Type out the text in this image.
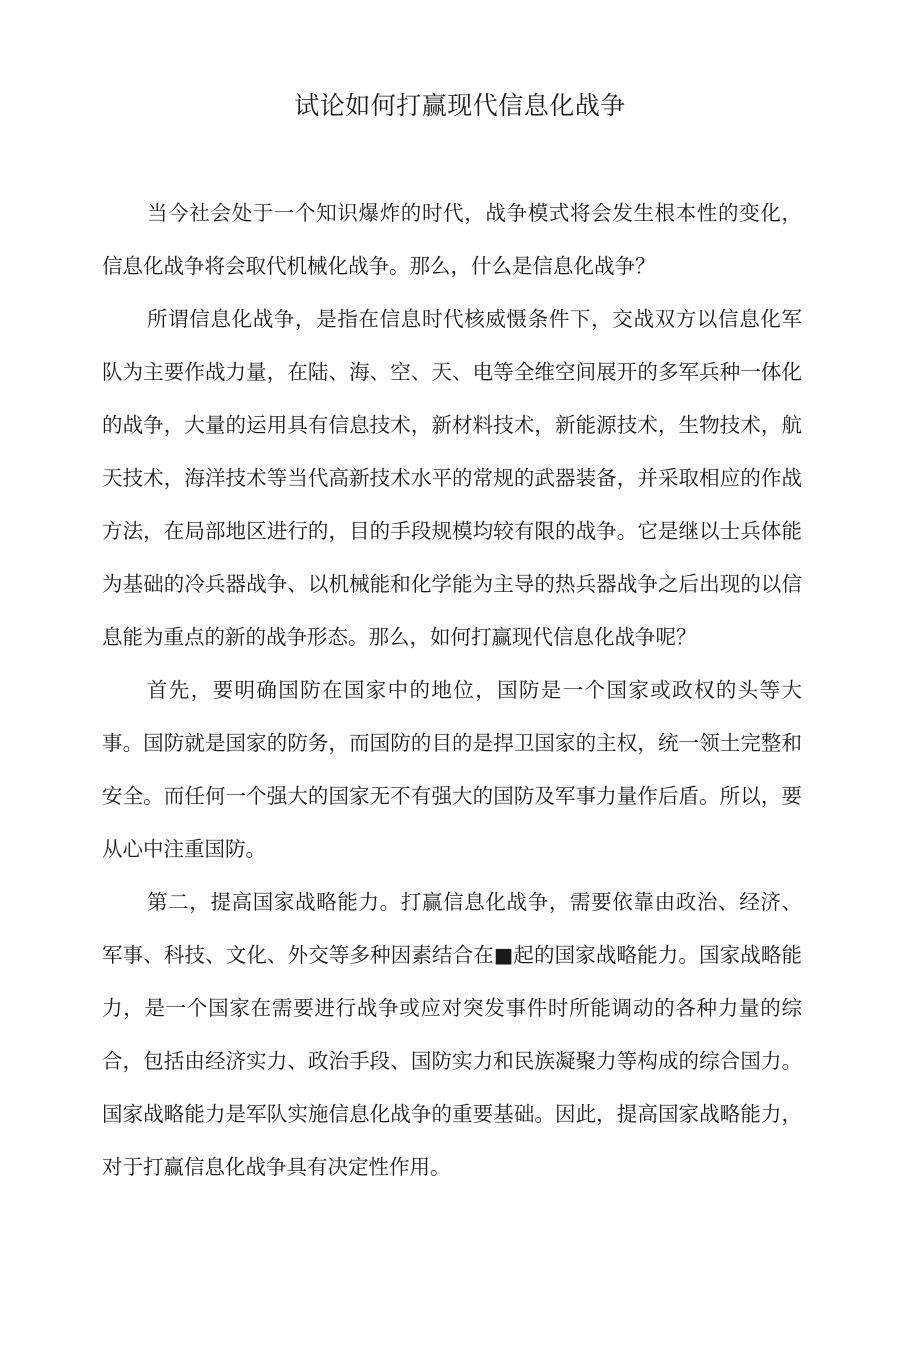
试论如何打赢现代信息化战争

当今社会处于一个知识爆炸的时代，战争模式将会发生根本性的变化，信息化战争将会取代机械化战争。那么，什么是信息化战争？

所谓信息化战争，是指在信息时代核威慑条件下，交战双方以信息化军队为主要作战力量，在陆、海、空、天、电等全维空间展开的多军兵种一体化的战争，大量的运用具有信息技术，新材料技术，新能源技术，生物技术，航天技术，海洋技术等当代高新技术水平的常规的武器装备，并采取相应的作战方法，在局部地区进行的，目的手段规模均较有限的战争。它是继以士兵体能为基础的冷兵器战争、以机械能和化学能为主导的热兵器战争之后出现的以信息能为重点的新的战争形态。那么，如何打赢现代信息化战争呢？

首先，要明确国防在国家中的地位，国防是一个国家或政权的头等大事。国防就是国家的防务，而国防的目的是捍卫国家的主权，统一领土完整和安全。而任何一个强大的国家无不有强大的国防及军事力量作后盾。所以，要从心中注重国防。

第二，提高国家战略能力。打赢信息化战争，需要依靠由政治、经济、军事、科技、文化、外交等多种因素结合在■起的国家战略能力。国家战略能力，是一个国家在需要进行战争或应对突发事件时所能调动的各种力量的综合，包括由经济实力、政治手段、国防实力和民族凝聚力等构成的综合国力。国家战略能力是军队实施信息化战争的重要基础。因此，提高国家战略能力，对于打赢信息化战争具有决定性作用。
